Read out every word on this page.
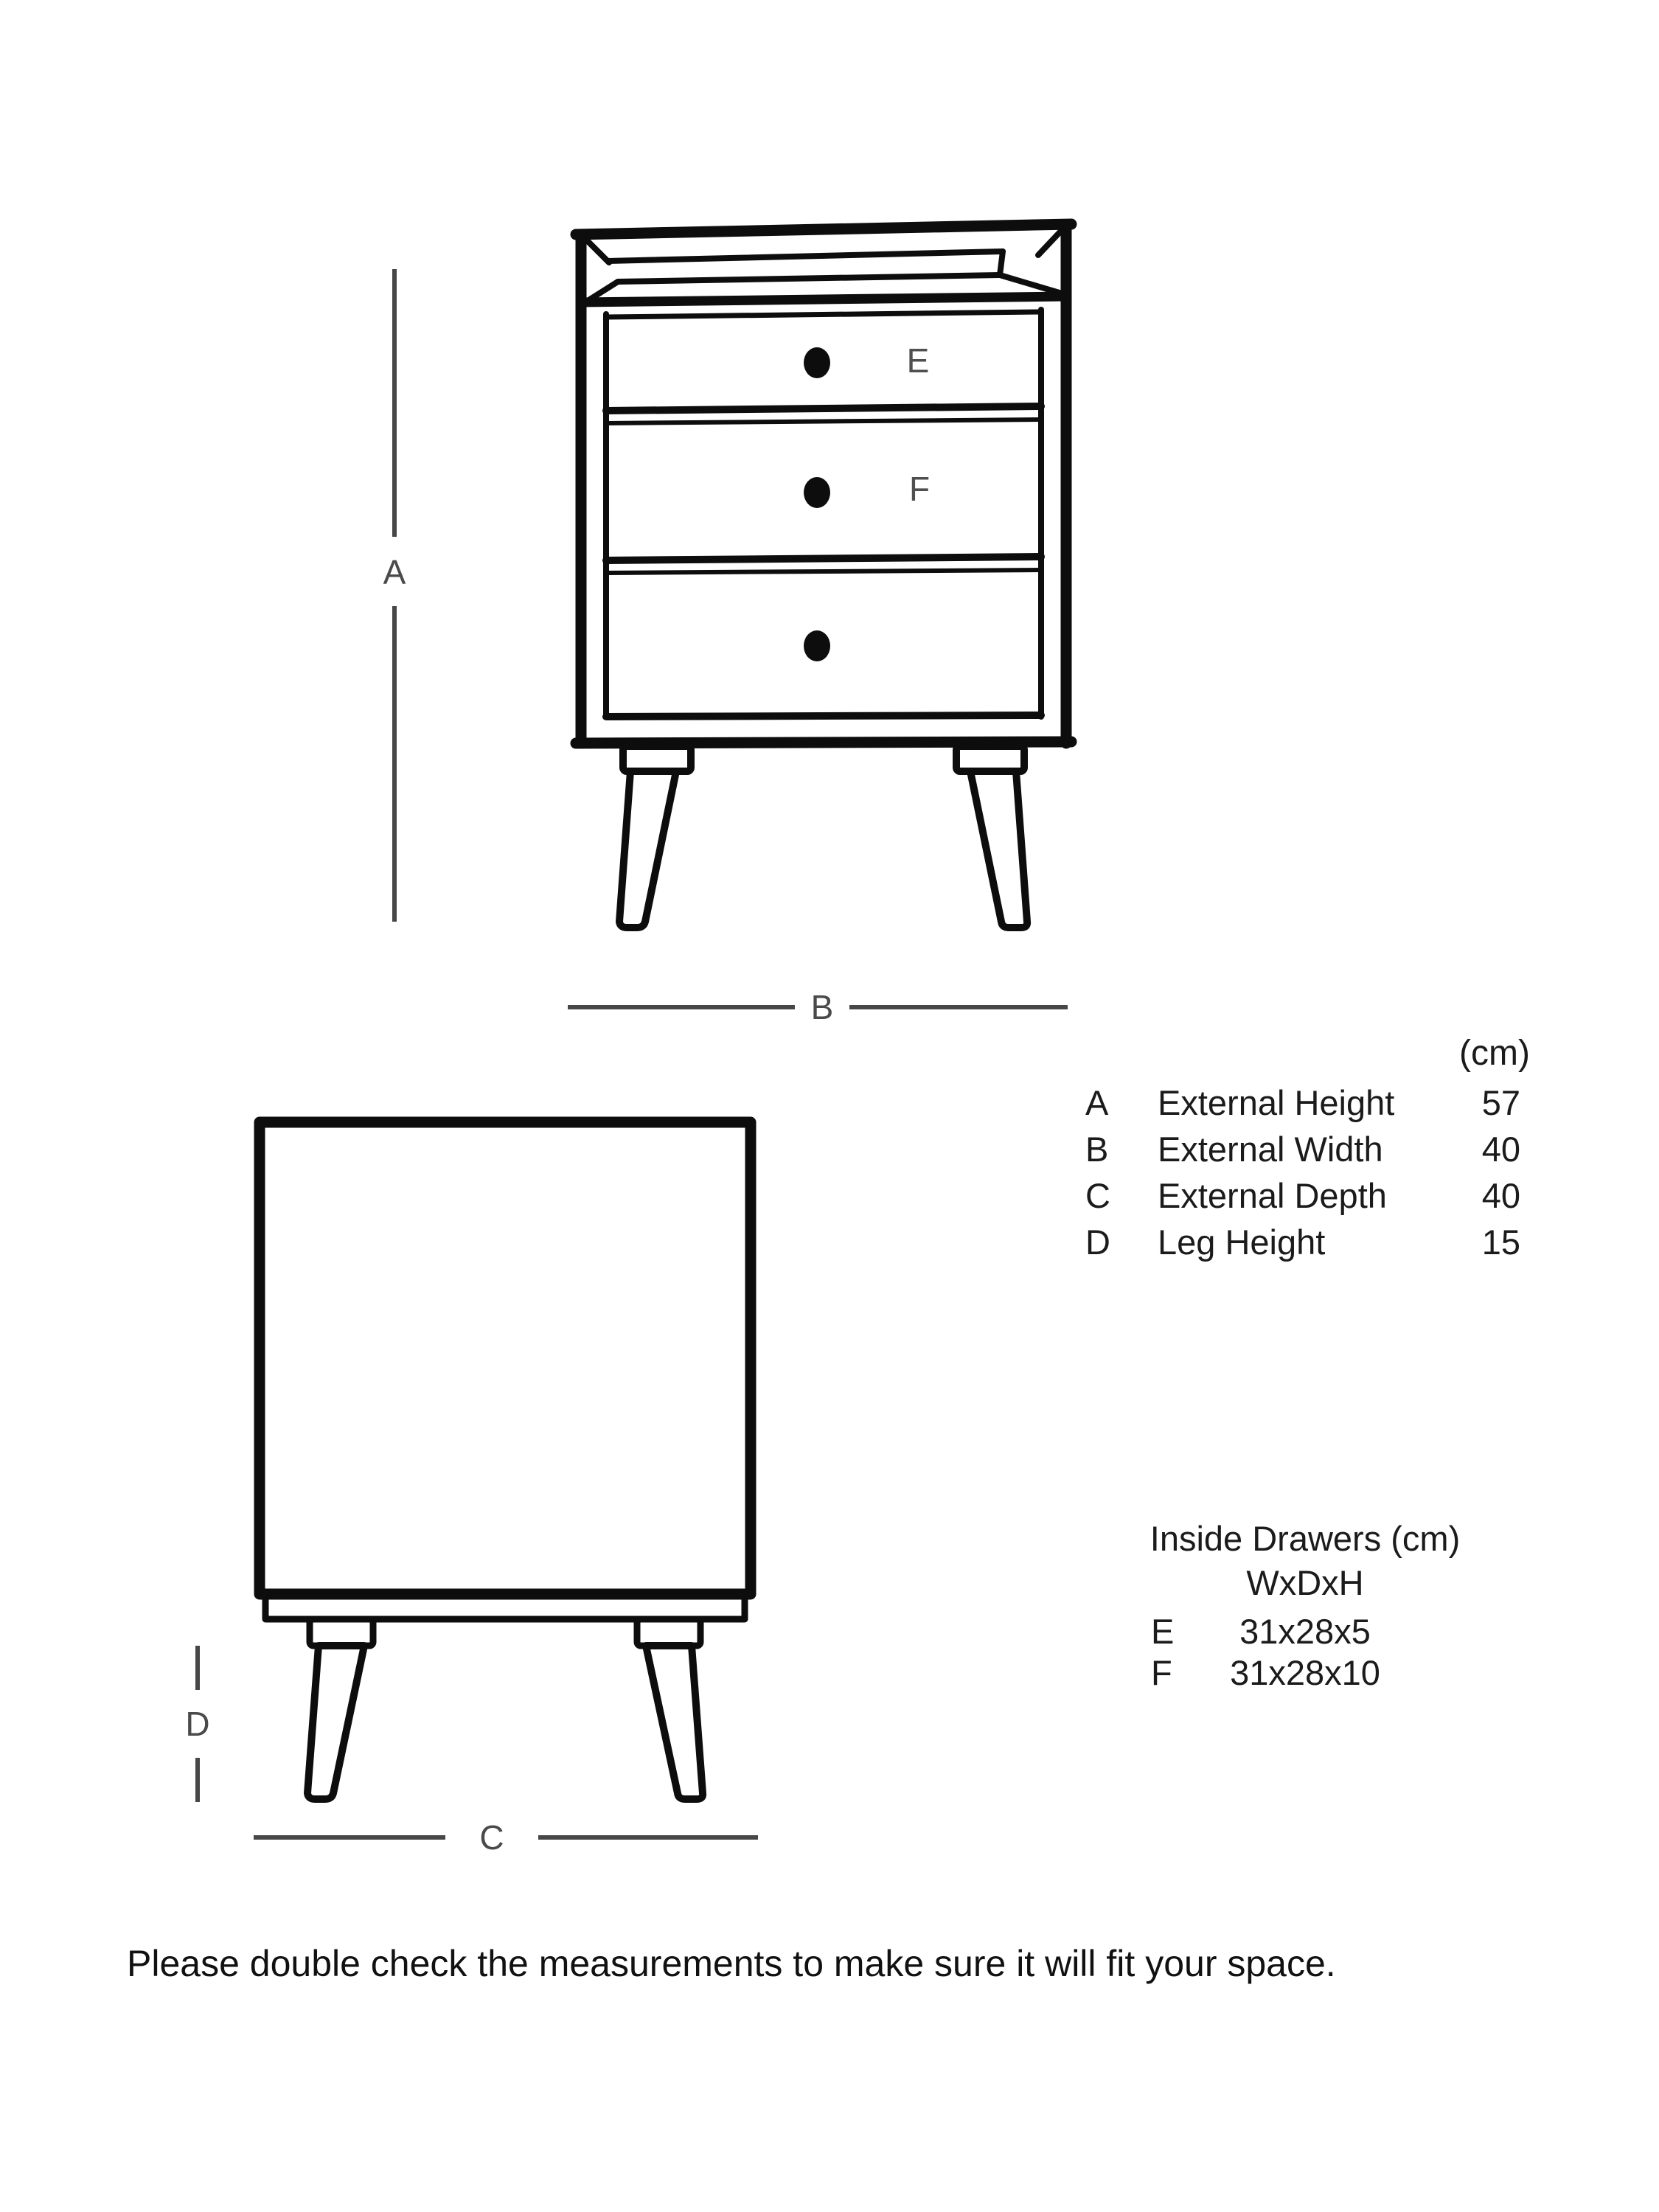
A
B
C
D
E
F
(cm)
A External Height	57
B External Width	40
C External Depth	40
D Leg Height	15
Inside Drawers (cm)
WxDxH
E	31x28x5
F	31x28x10
Please double check the measurements to make sure it will fit your space.
